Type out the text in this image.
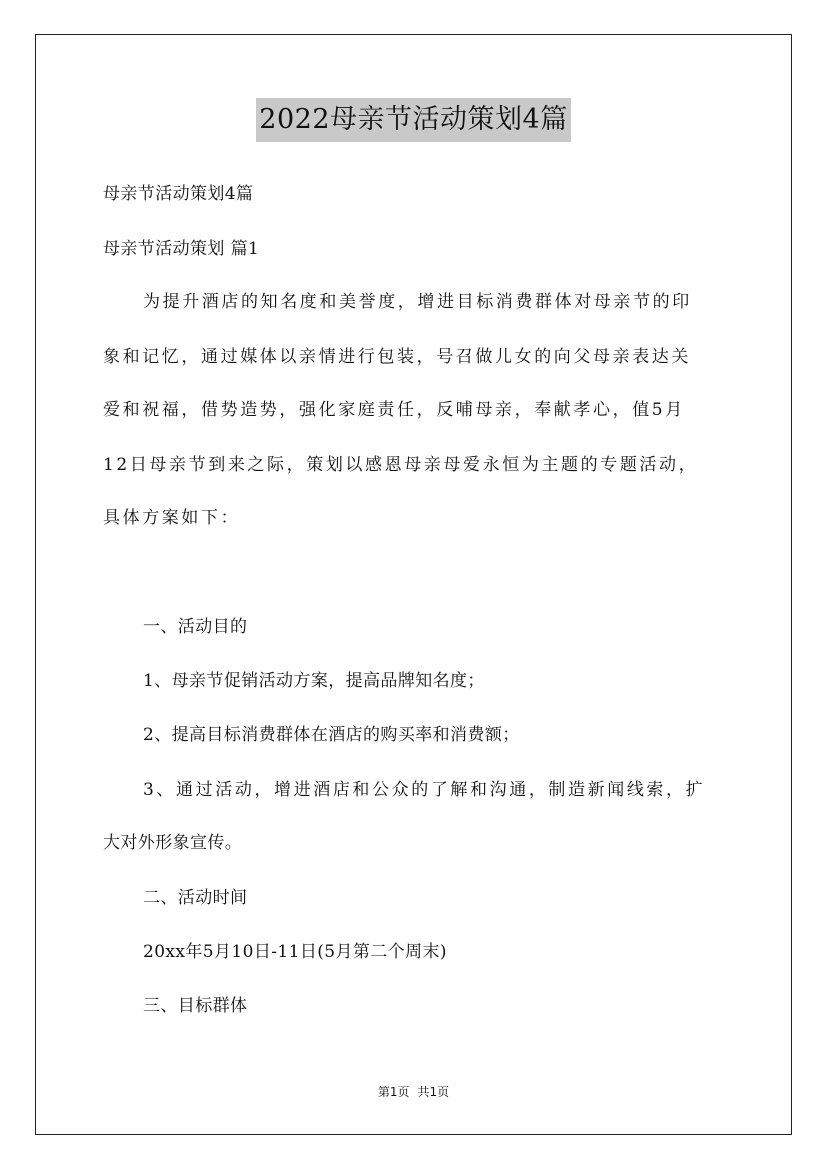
2022母亲节活动策划4篇
母亲节活动策划4篇
母亲节活动策划 篇1
为提升酒店的知名度和美誉度，增进目标消费群体对母亲节的印
象和记忆，通过媒体以亲情进行包装，号召做儿女的向父母亲表达关
爱和祝福，借势造势，强化家庭责任，反哺母亲，奉献孝心，值5月
12日母亲节到来之际，策划以感恩母亲母爱永恒为主题的专题活动，
具体方案如下：
一、活动目的
1、母亲节促销活动方案，提高品牌知名度；
2、提高目标消费群体在酒店的购买率和消费额；
3、通过活动，增进酒店和公众的了解和沟通，制造新闻线索，扩
大对外形象宣传。
二、活动时间
20xx年5月10日-11日(5月第二个周末)
三、目标群体
第1页 共1页
